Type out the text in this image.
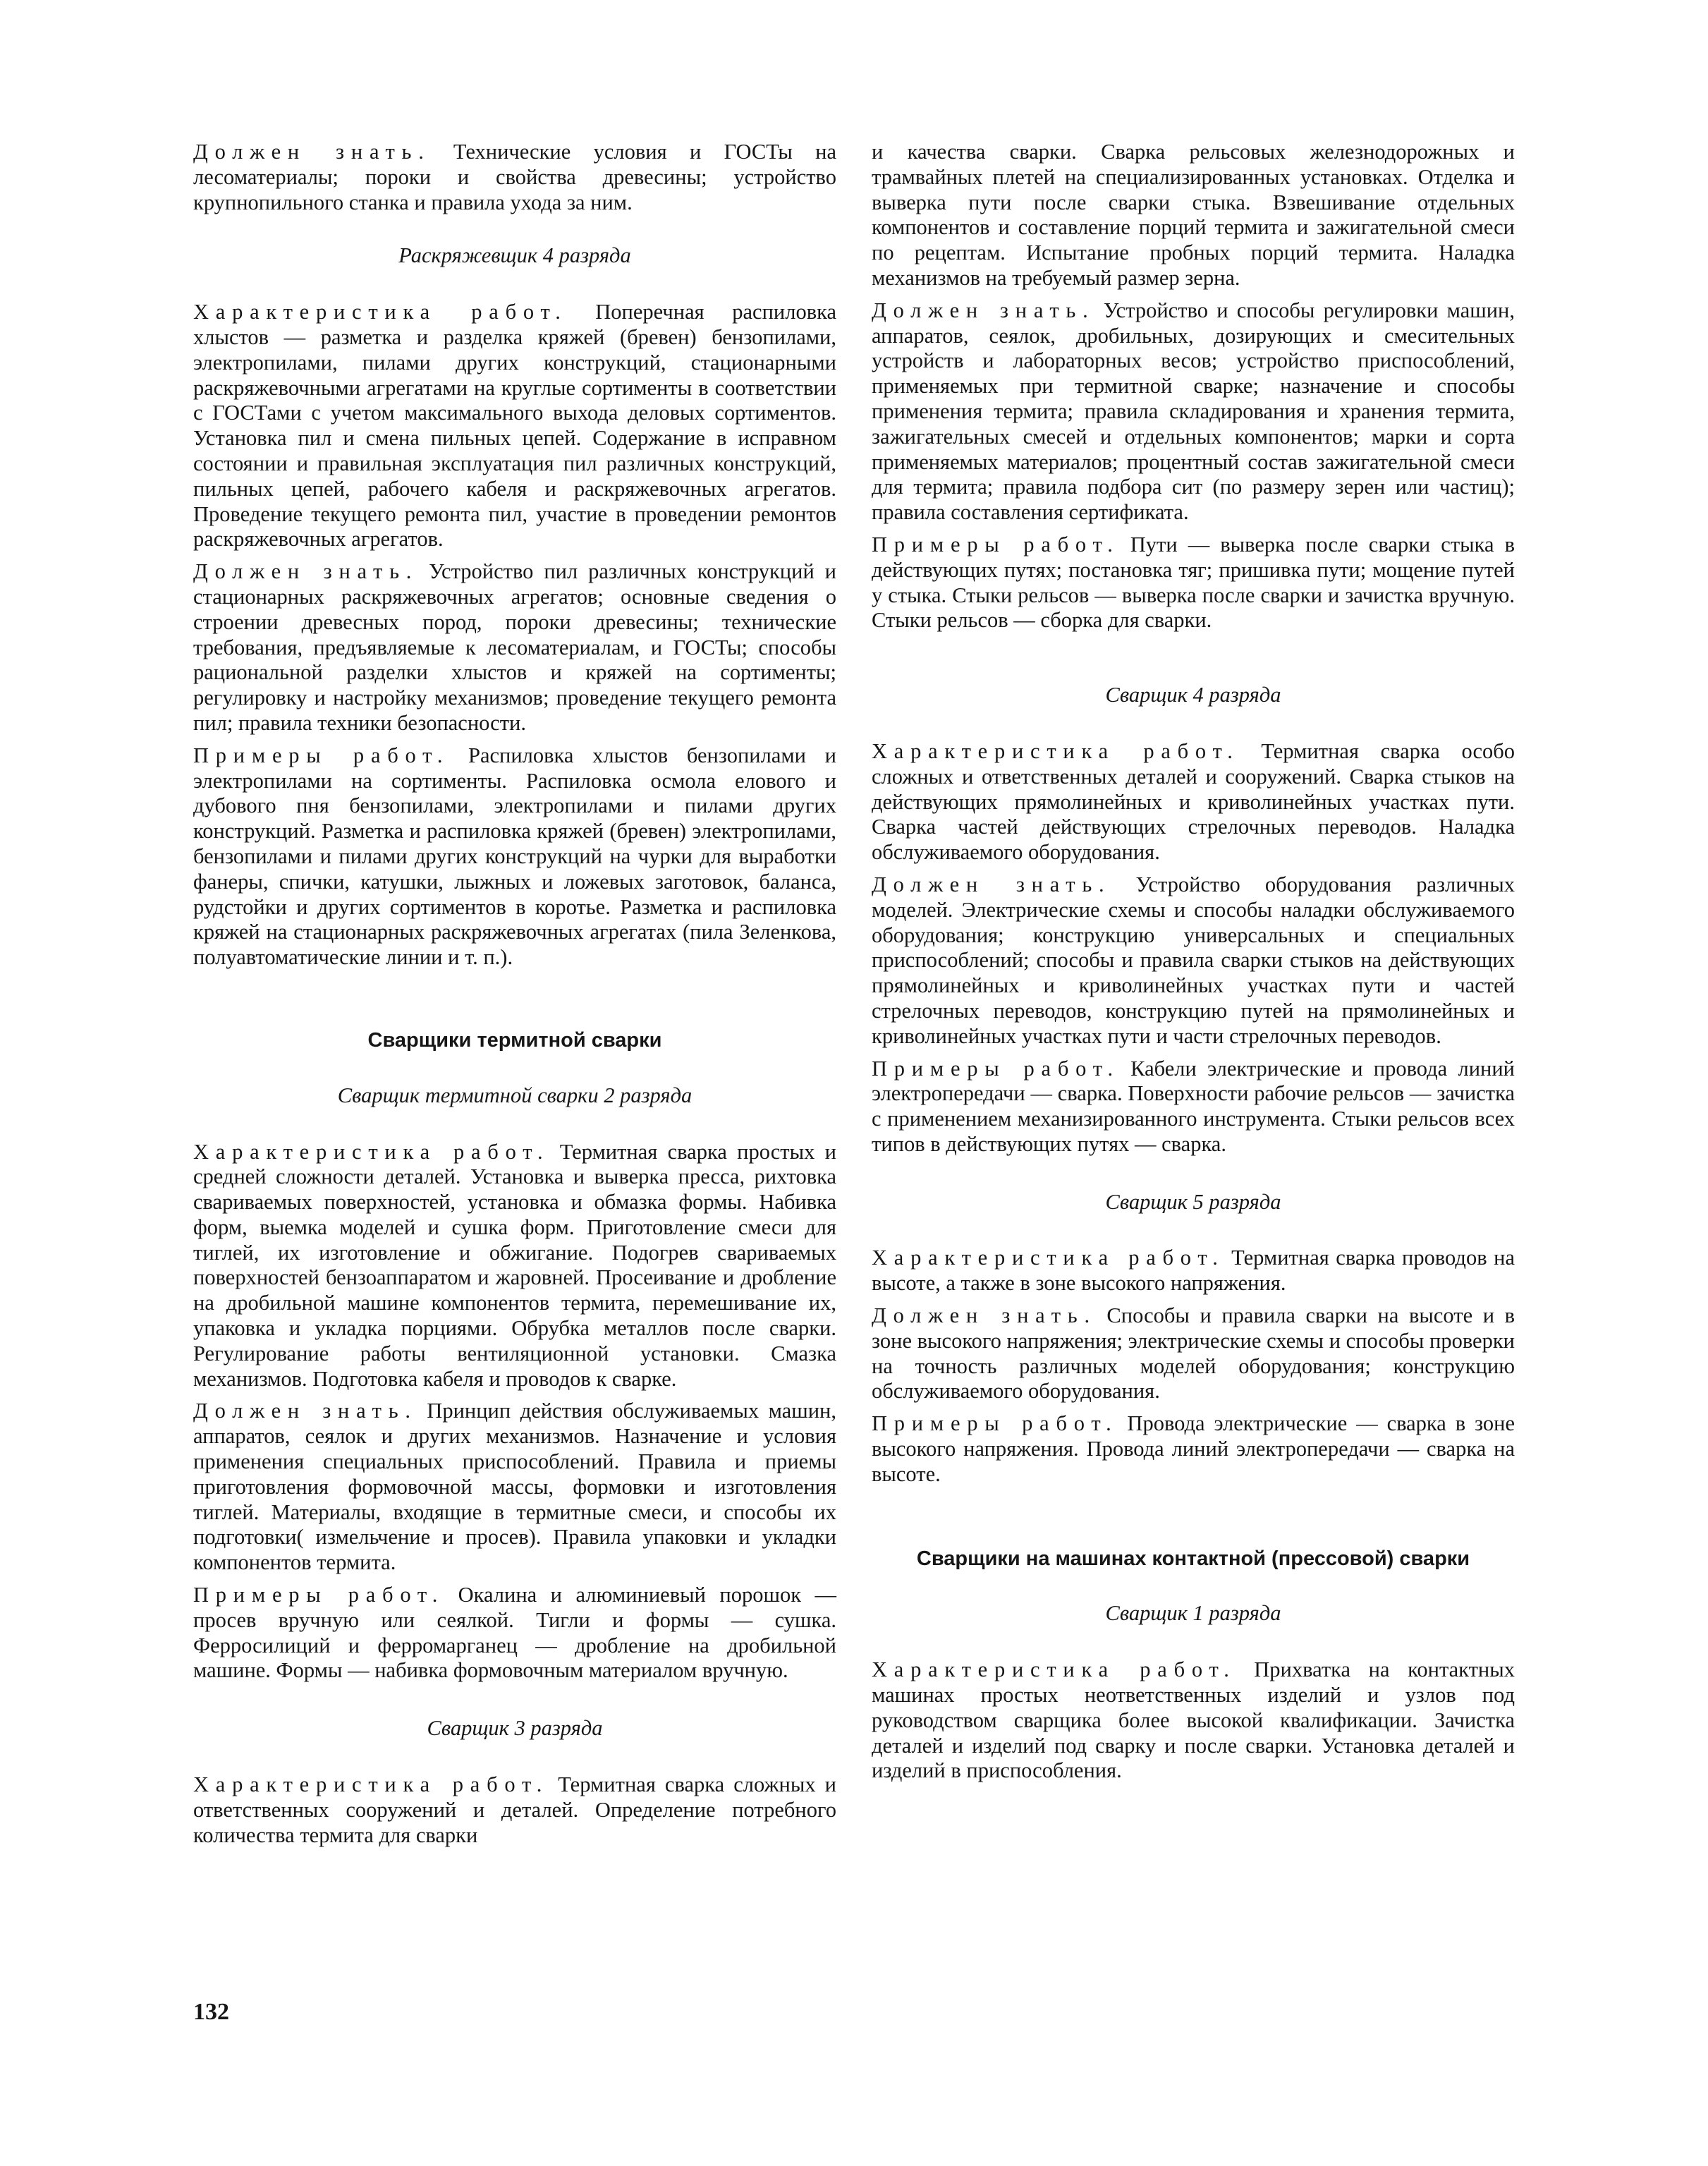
Должен знать. Технические условия и ГОСТы на лесоматериалы; пороки и свойства древесины; устройство крупнопильного станка и правила ухода за ним.

Раскряжевщик 4 разряда

Характеристика работ. Поперечная распиловка хлыстов — разметка и разделка кряжей (бревен) бензопилами, электропилами, пилами других конструкций, стационарными раскряжевочными агрегатами на круглые сортименты в соответствии с ГОСТами с учетом максимального выхода деловых сортиментов. Установка пил и смена пильных цепей. Содержание в исправном состоянии и правильная эксплуатация пил различных конструкций, пильных цепей, рабочего кабеля и раскряжевочных агрегатов. Проведение текущего ремонта пил, участие в проведении ремонтов раскряжевочных агрегатов.

Должен знать. Устройство пил различных конструкций и стационарных раскряжевочных агрегатов; основные сведения о строении древесных пород, пороки древесины; технические требования, предъявляемые к лесоматериалам, и ГОСТы; способы рациональной разделки хлыстов и кряжей на сортименты; регулировку и настройку механизмов; проведение текущего ремонта пил; правила техники безопасности.

Примеры работ. Распиловка хлыстов бензопилами и электропилами на сортименты. Распиловка осмола елового и дубового пня бензопилами, электропилами и пилами других конструкций. Разметка и распиловка кряжей (бревен) электропилами, бензопилами и пилами других конструкций на чурки для выработки фанеры, спички, катушки, лыжных и ложевых заготовок, баланса, рудстойки и других сортиментов в коротье. Разметка и распиловка кряжей на стационарных раскряжевочных агрегатах (пила Зеленкова, полуавтоматические линии и т. п.).

Сварщики термитной сварки
Сварщик термитной сварки 2 разряда

Характеристика работ. Термитная сварка простых и средней сложности деталей. Установка и выверка пресса, рихтовка свариваемых поверхностей, установка и обмазка формы. Набивка форм, выемка моделей и сушка форм. Приготовление смеси для тиглей, их изготовление и обжигание. Подогрев свариваемых поверхностей бензоаппаратом и жаровней. Просеивание и дробление на дробильной машине компонентов термита, перемешивание их, упаковка и укладка порциями. Обрубка металлов после сварки. Регулирование работы вентиляционной установки. Смазка механизмов. Подготовка кабеля и проводов к сварке.

Должен знать. Принцип действия обслуживаемых машин, аппаратов, сеялок и других механизмов. Назначение и условия применения специальных приспособлений. Правила и приемы приготовления формовочной массы, формовки и изготовления тиглей. Материалы, входящие в термитные смеси, и способы их подготовки( измельчение и просев). Правила упаковки и укладки компонентов термита.

Примеры работ. Окалина и алюминиевый порошок — просев вручную или сеялкой. Тигли и формы — сушка. Ферросилиций и ферромарганец — дробление на дробильной машине. Формы — набивка формовочным материалом вручную.

Сварщик 3 разряда

Характеристика работ. Термитная сварка сложных и ответственных сооружений и деталей. Определение потребного количества термита для сварки

и качества сварки. Сварка рельсовых железнодорожных и трамвайных плетей на специализированных установках. Отделка и выверка пути после сварки стыка. Взвешивание отдельных компонентов и составление порций термита и зажигательной смеси по рецептам. Испытание пробных порций термита. Наладка механизмов на требуемый размер зерна.

Должен знать. Устройство и способы регулировки машин, аппаратов, сеялок, дробильных, дозирующих и смесительных устройств и лабораторных весов; устройство приспособлений, применяемых при термитной сварке; назначение и способы применения термита; правила складирования и хранения термита, зажигательных смесей и отдельных компонентов; марки и сорта применяемых материалов; процентный состав зажигательной смеси для термита; правила подбора сит (по размеру зерен или частиц); правила составления сертификата.

Примеры работ. Пути — выверка после сварки стыка в действующих путях; постановка тяг; пришивка пути; мощение путей у стыка. Стыки рельсов — выверка после сварки и зачистка вручную. Стыки рельсов — сборка для сварки.

Сварщик 4 разряда

Характеристика работ. Термитная сварка особо сложных и ответственных деталей и сооружений. Сварка стыков на действующих прямолинейных и криволинейных участках пути. Сварка частей действующих стрелочных переводов. Наладка обслуживаемого оборудования.

Должен знать. Устройство оборудования различных моделей. Электрические схемы и способы наладки обслуживаемого оборудования; конструкцию универсальных и специальных приспособлений; способы и правила сварки стыков на действующих прямолинейных и криволинейных участках пути и частей стрелочных переводов, конструкцию путей на прямолинейных и криволинейных участках пути и части стрелочных переводов.

Примеры работ. Кабели электрические и провода линий электропередачи — сварка. Поверхности рабочие рельсов — зачистка с применением механизированного инструмента. Стыки рельсов всех типов в действующих путях — сварка.

Сварщик 5 разряда

Характеристика работ. Термитная сварка проводов на высоте, а также в зоне высокого напряжения.

Должен знать. Способы и правила сварки на высоте и в зоне высокого напряжения; электрические схемы и способы проверки на точность различных моделей оборудования; конструкцию обслуживаемого оборудования.

Примеры работ. Провода электрические — сварка в зоне высокого напряжения. Провода линий электропередачи — сварка на высоте.

Сварщики на машинах контактной (прессовой) сварки
Сварщик 1 разряда

Характеристика работ. Прихватка на контактных машинах простых неответственных изделий и узлов под руководством сварщика более высокой квалификации. Зачистка деталей и изделий под сварку и после сварки. Установка деталей и изделий в приспособления.

132
